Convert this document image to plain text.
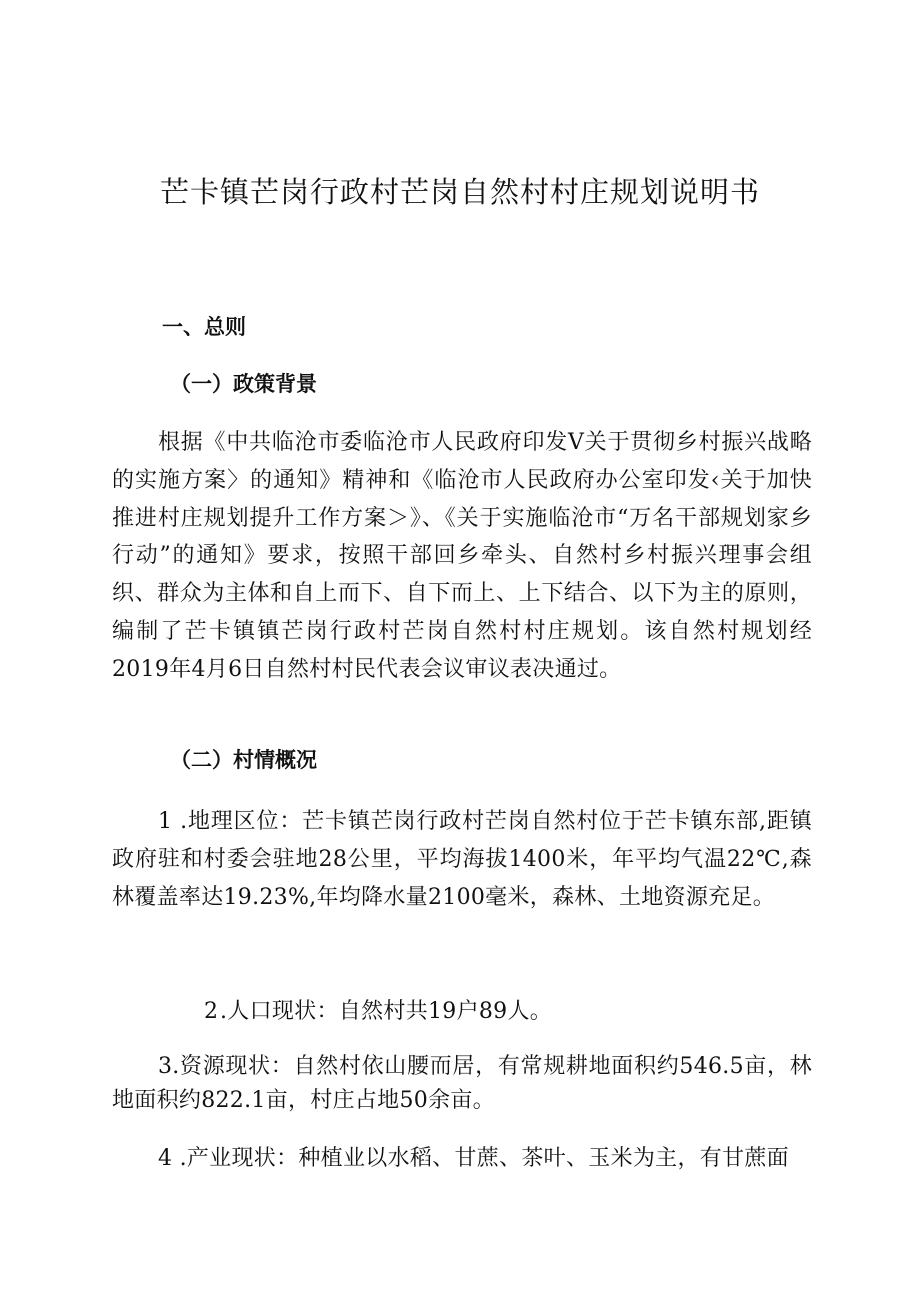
芒卡镇芒岗行政村芒岗自然村村庄规划说明书
一、总则
（一）政策背景
根据《中共临沧市委临沧市人民政府印发V关于贯彻乡村振兴战略的实施方案〉的通知》精神和《临沧市人民政府办公室印发‹关于加快推进村庄规划提升工作方案＞》、《关于实施临沧市“万名干部规划家乡行动”的通知》要求，按照干部回乡牵头、自然村乡村振兴理事会组织、群众为主体和自上而下、自下而上、上下结合、以下为主的原则，编制了芒卡镇镇芒岗行政村芒岗自然村村庄规划。该自然村规划经2019年4月6日自然村村民代表会议审议表决通过。
（二）村情概况
1 .地理区位：芒卡镇芒岗行政村芒岗自然村位于芒卡镇东部,距镇政府驻和村委会驻地28公里，平均海拔1400米，年平均气温22℃,森林覆盖率达19.23%,年均降水量2100毫米，森林、土地资源充足。
2.人口现状：自然村共19户89人。
3.资源现状：自然村依山腰而居，有常规耕地面积约546.5亩，林地面积约822.1亩，村庄占地50余亩。
4 .产业现状：种植业以水稻、甘蔗、茶叶、玉米为主，有甘蔗面
